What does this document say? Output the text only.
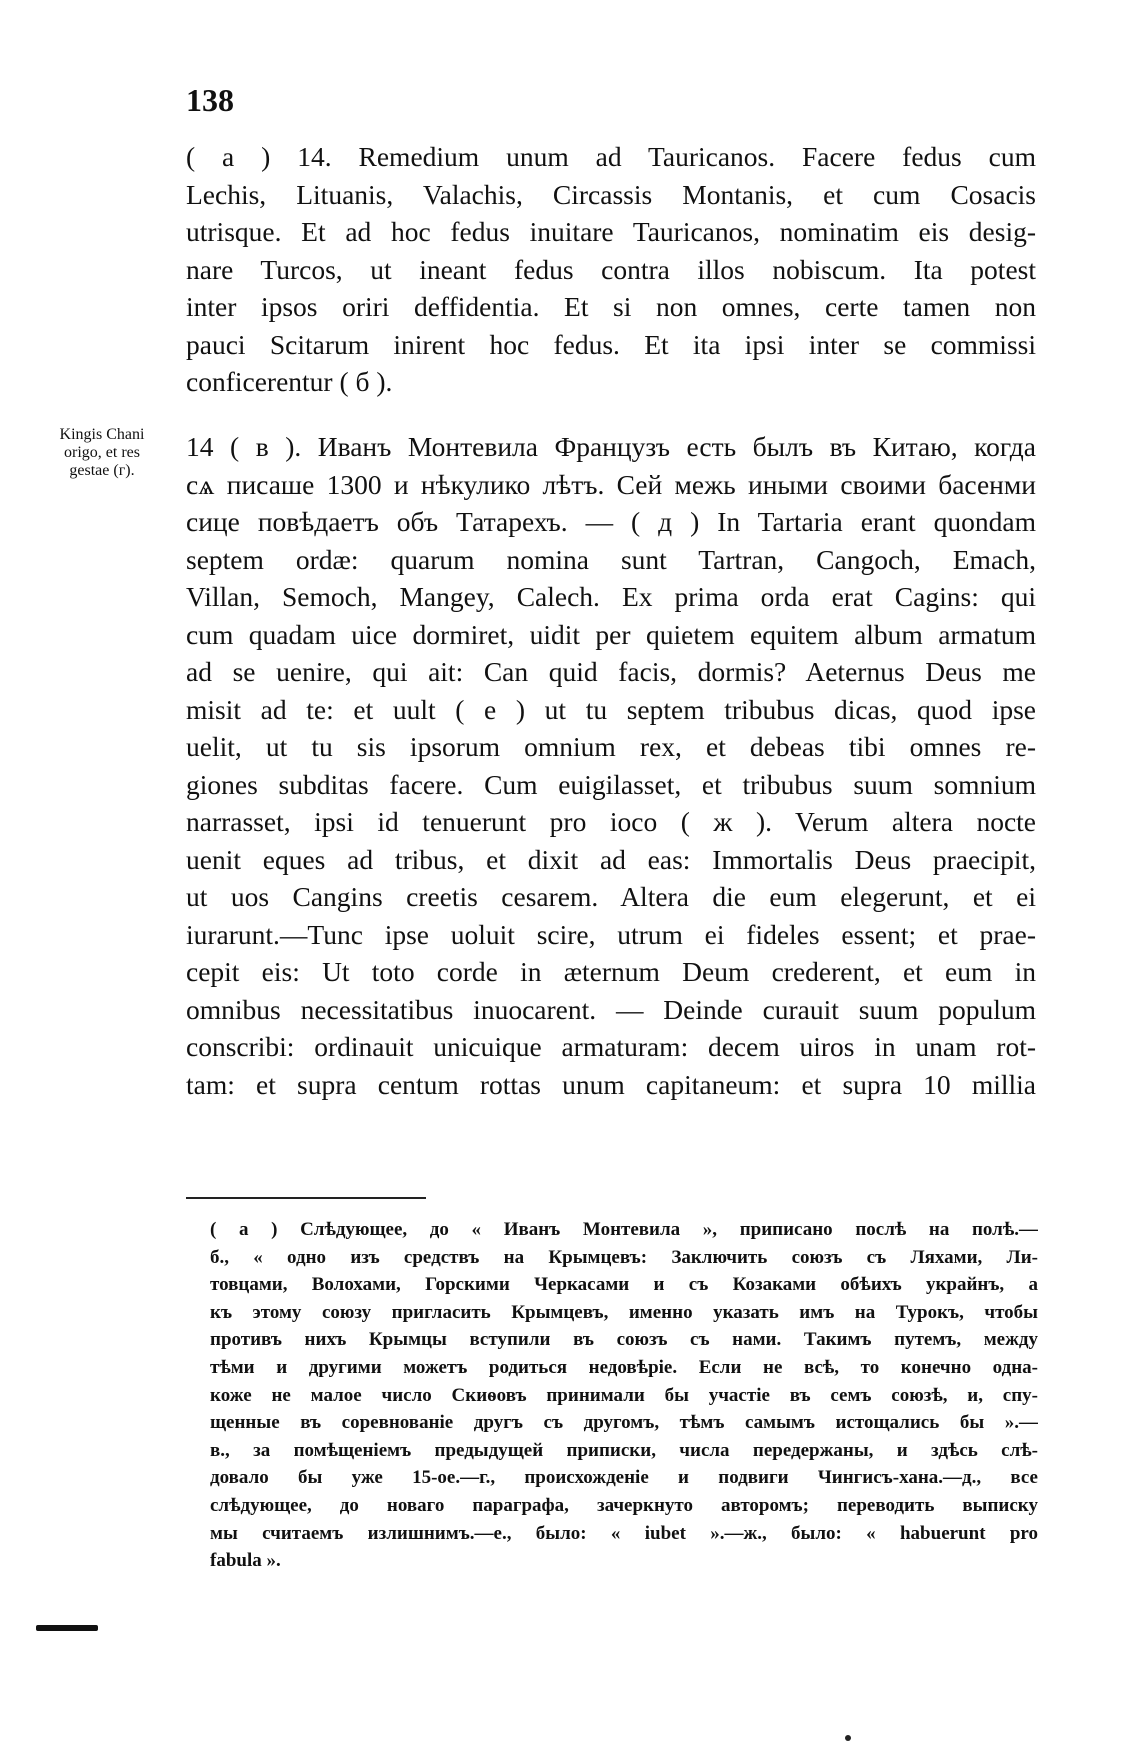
138
( a ) 14. Remedium unum ad Tauricanos. Facere fedus cum
Lechis, Lituanis, Valachis, Circassis Montanis, et cum Cosacis
utrisque. Et ad hoc fedus inuitare Tauricanos, nominatim eis desig-
nare Turcos, ut ineant fedus contra illos nobiscum. Ita potest
inter ipsos oriri deffidentia. Et si non omnes, certe tamen non
pauci Scitarum inirent hoc fedus. Et ita ipsi inter se commissi
conficerentur ( б ).
Kingis Chani
origo, et res
gestae (г).
14 ( в ). Иванъ Монтевила Французъ есть былъ въ Китаю, когда
сѧ писаше 1300 и нѣкулико лѣтъ. Сей межь иными своими басенми
сице повѣдаетъ объ Татарехъ. — ( д ) In Tartaria erant quondam
septem ordæ: quarum nomina sunt Tartran, Cangoch, Emach,
Villan, Semoch, Mangey, Calech. Ex prima orda erat Cagins: qui
cum quadam uice dormiret, uidit per quietem equitem album armatum
ad se uenire, qui ait: Can quid facis, dormis? Aeternus Deus me
misit ad te: et uult ( e ) ut tu septem tribubus dicas, quod ipse
uelit, ut tu sis ipsorum omnium rex, et debeas tibi omnes re-
giones subditas facere. Cum euigilasset, et tribubus suum somnium
narrasset, ipsi id tenuerunt pro ioco ( ж ). Verum altera nocte
uenit eques ad tribus, et dixit ad eas: Immortalis Deus praecipit,
ut uos Cangins creetis cesarem. Altera die eum elegerunt, et ei
iurarunt.—Tunc ipse uoluit scire, utrum ei fideles essent; et prae-
cepit eis: Ut toto corde in æternum Deum crederent, et eum in
omnibus necessitatibus inuocarent. — Deinde curauit suum populum
conscribi: ordinauit unicuique armaturam: decem uiros in unam rot-
tam: et supra centum rottas unum capitaneum: et supra 10 millia
( а ) Слѣдующее, до « Иванъ Монтевила », приписано послѣ на полѣ.—
б., « одно изъ средствъ на Крымцевъ: Заключить союзъ съ Ляхами, Ли-
товцами, Волохами, Горскими Черкасами и съ Козаками обѣихъ украйнъ, а
къ этому союзу пригласить Крымцевъ, именно указать имъ на Турокъ, чтобы
противъ нихъ Крымцы вступили въ союзъ съ нами. Такимъ путемъ, между
тѣми и другими можетъ родиться недовѣріе. Если не всѣ, то конечно одна-
коже не малое число Скиѳовъ принимали бы участіе въ семъ союзѣ, и, спу-
щенные въ соревнованіе другъ съ другомъ, тѣмъ самымъ истощались бы ».—
в., за помѣщеніемъ предыдущей приписки, числа передержаны, и здѣсь слѣ-
довало бы уже 15-ое.—г., происхожденіе и подвиги Чингисъ-хана.—д., все
слѣдующее, до новаго параграфа, зачеркнуто авторомъ; переводить выписку
мы считаемъ излишнимъ.—е., было: « iubet ».—ж., было: « habuerunt pro
fabula ».
